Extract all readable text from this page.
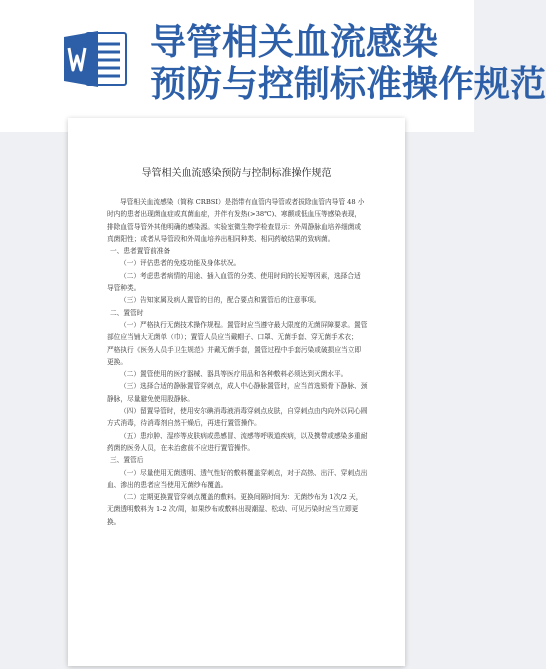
导管相关血流感染
预防与控制标准操作规范
导管相关血流感染预防与控制标准操作规范
导管相关血流感染（简称 CRBSI）是指带有血管内导管或者拔除血管内导管 48 小
时内的患者出现菌血症或真菌血症，并伴有发热(>38℃)、寒颤或低血压等感染表现，
排除血管导管外其他明确的感染源。实验室微生物学检查显示：外周静脉血培养细菌或
真菌阳性；或者从导管段和外周血培养出相同种类、相同药敏结果的致病菌。
一、患者置管前准备
（一）评估患者的免疫功能及身体状况。
（二）考虑患者病情的用途、插入血管的分类、使用时间的长短等因素，选择合适
导管种类。
（三）告知家属及病人置管的目的，配合要点和置管后的注意事项。
二、置管时
（一）严格执行无菌技术操作规程。置管时应当遵守最大限度的无菌屏障要求。置管
部位应当铺大无菌单（巾）；置管人员应当戴帽子、口罩、无菌手套、穿无菌手术衣；
严格执行《医务人员手卫生规范》并戴无菌手套，置管过程中手套污染或破损应当立即
更换。
（二）置管使用的医疗器械、器具等医疗用品和各种敷料必须达到灭菌水平。
（三）选择合适的静脉置管穿刺点，成人中心静脉置管时，应当首选锁骨下静脉、颈
静脉，尽量避免使用股静脉。
（四）留置导管时，使用安尔碘消毒液消毒穿刺点皮肤，自穿刺点由内向外以同心圆
方式消毒，待消毒剂自然干燥后，再进行置管操作。
（五）患疖肿、湿疹等皮肤病或患感冒、流感等呼吸道疾病，以及携带或感染多重耐
药菌的医务人员，在未治愈前不应进行置管操作。
三、置管后
（一）尽量使用无菌透明、透气性好的敷料覆盖穿刺点，对于高热、出汗、穿刺点出
血、渗出的患者应当使用无菌纱布覆盖。
（二）定期更换置管穿刺点覆盖的敷料。更换间隔时间为：无菌纱布为 1次/2 天，
无菌透明敷料为 1-2 次/周，如果纱布或敷料出现潮湿、松动、可见污染时应当立即更
换。
